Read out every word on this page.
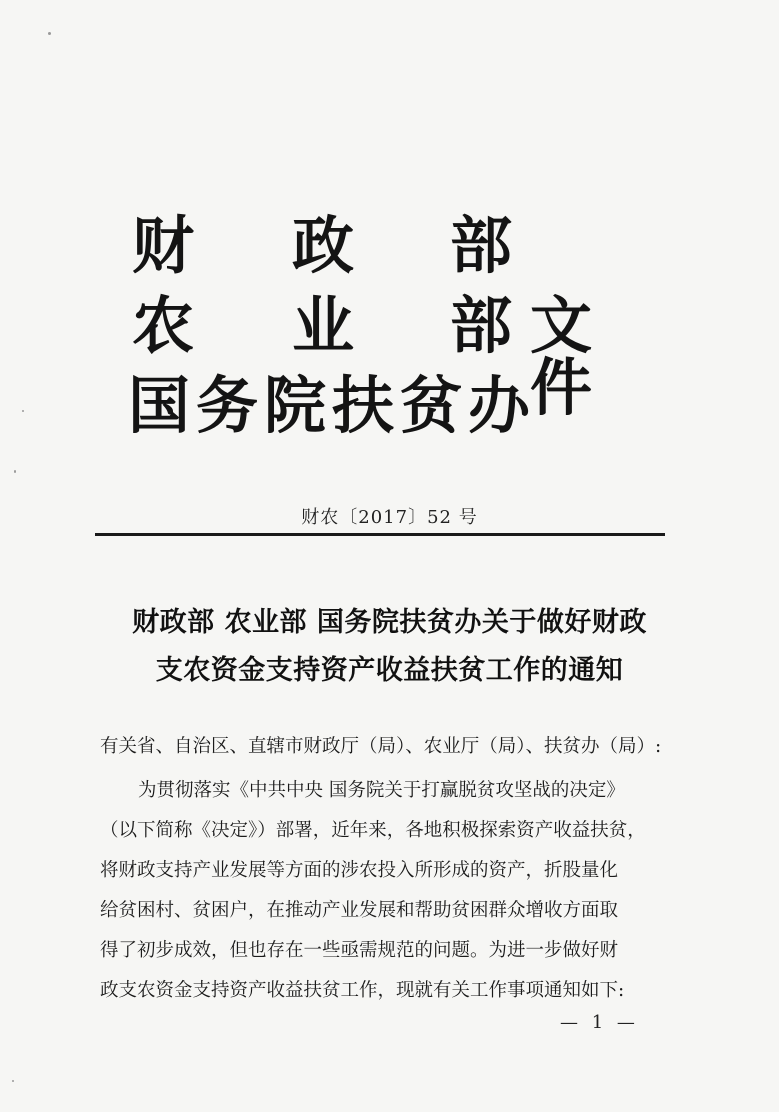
财 政 部
农 业 部 文件
国务院扶贫办
财农〔2017〕52 号
财政部 农业部 国务院扶贫办关于做好财政
支农资金支持资产收益扶贫工作的通知
有关省、自治区、直辖市财政厅（局）、农业厅（局）、扶贫办（局）:
为贯彻落实《中共中央 国务院关于打赢脱贫攻坚战的决定》
（以下简称《决定》）部署，近年来，各地积极探索资产收益扶贫，
将财政支持产业发展等方面的涉农投入所形成的资产，折股量化
给贫困村、贫困户，在推动产业发展和帮助贫困群众增收方面取
得了初步成效，但也存在一些亟需规范的问题。为进一步做好财
政支农资金支持资产收益扶贫工作，现就有关工作事项通知如下:
— 1 —
